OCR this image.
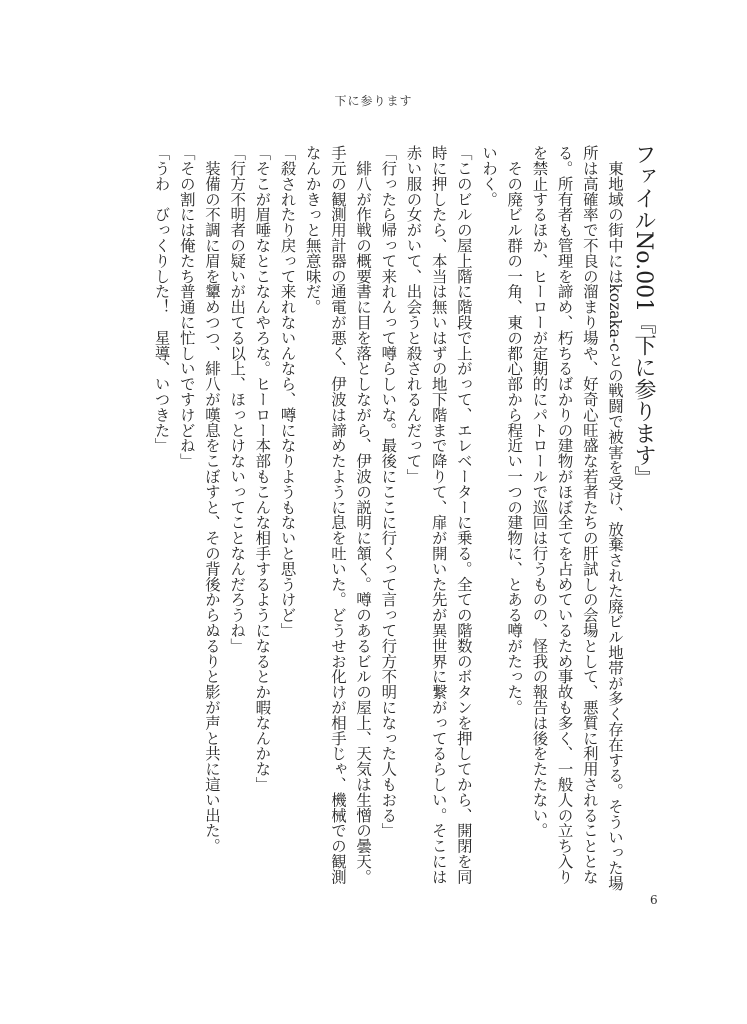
下に参ります
ファイルNo.001『下に参ります』
　東地域の街中にはkozaka-cとの戦闘で被害を受け、放棄された廃ビル地帯が多く存在する。そういった場
所は高確率で不良の溜まり場や、好奇心旺盛な若者たちの肝試しの会場として、悪質に利用されることとな
る。所有者も管理を諦め、朽ちるばかりの建物がほぼ全てを占めているため事故も多く、一般人の立ち入り
を禁止するほか、ヒーローが定期的にパトロールで巡回は行うものの、怪我の報告は後をたたない。
　その廃ビル群の一角、東の都心部から程近い一つの建物に、とある噂がたった。
いわく。
「このビルの屋上階に階段で上がって、エレベーターに乗る。全ての階数のボタンを押してから、開閉を同
時に押したら、本当は無いはずの地下階まで降りて、扉が開いた先が異世界に繋がってるらしい。そこには
赤い服の女がいて、出会うと殺されるんだって」
「行ったら帰って来れんって噂らしいな。最後にここに行くって言って行方不明になった人もおる」
　緋八が作戦の概要書に目を落としながら、伊波の説明に頷く。噂のあるビルの屋上、天気は生憎の曇天。
手元の観測用計器の通電が悪く、伊波は諦めたように息を吐いた。どうせお化けが相手じゃ、機械での観測
なんかきっと無意味だ。
「殺されたり戻って来れないんなら、噂になりようもないと思うけど」
「そこが眉唾なとこなんやろな。ヒーロー本部もこんな相手するようになるとか暇なんかな」
「行方不明者の疑いが出てる以上、ほっとけないってことなんだろうね」
　装備の不調に眉を顰めつつ、緋八が嘆息をこぼすと、その背後からぬるりと影が声と共に這い出た。
「その割には俺たち普通に忙しいですけどね」
「うわ　びっくりした！　星導、いつきた」
6
